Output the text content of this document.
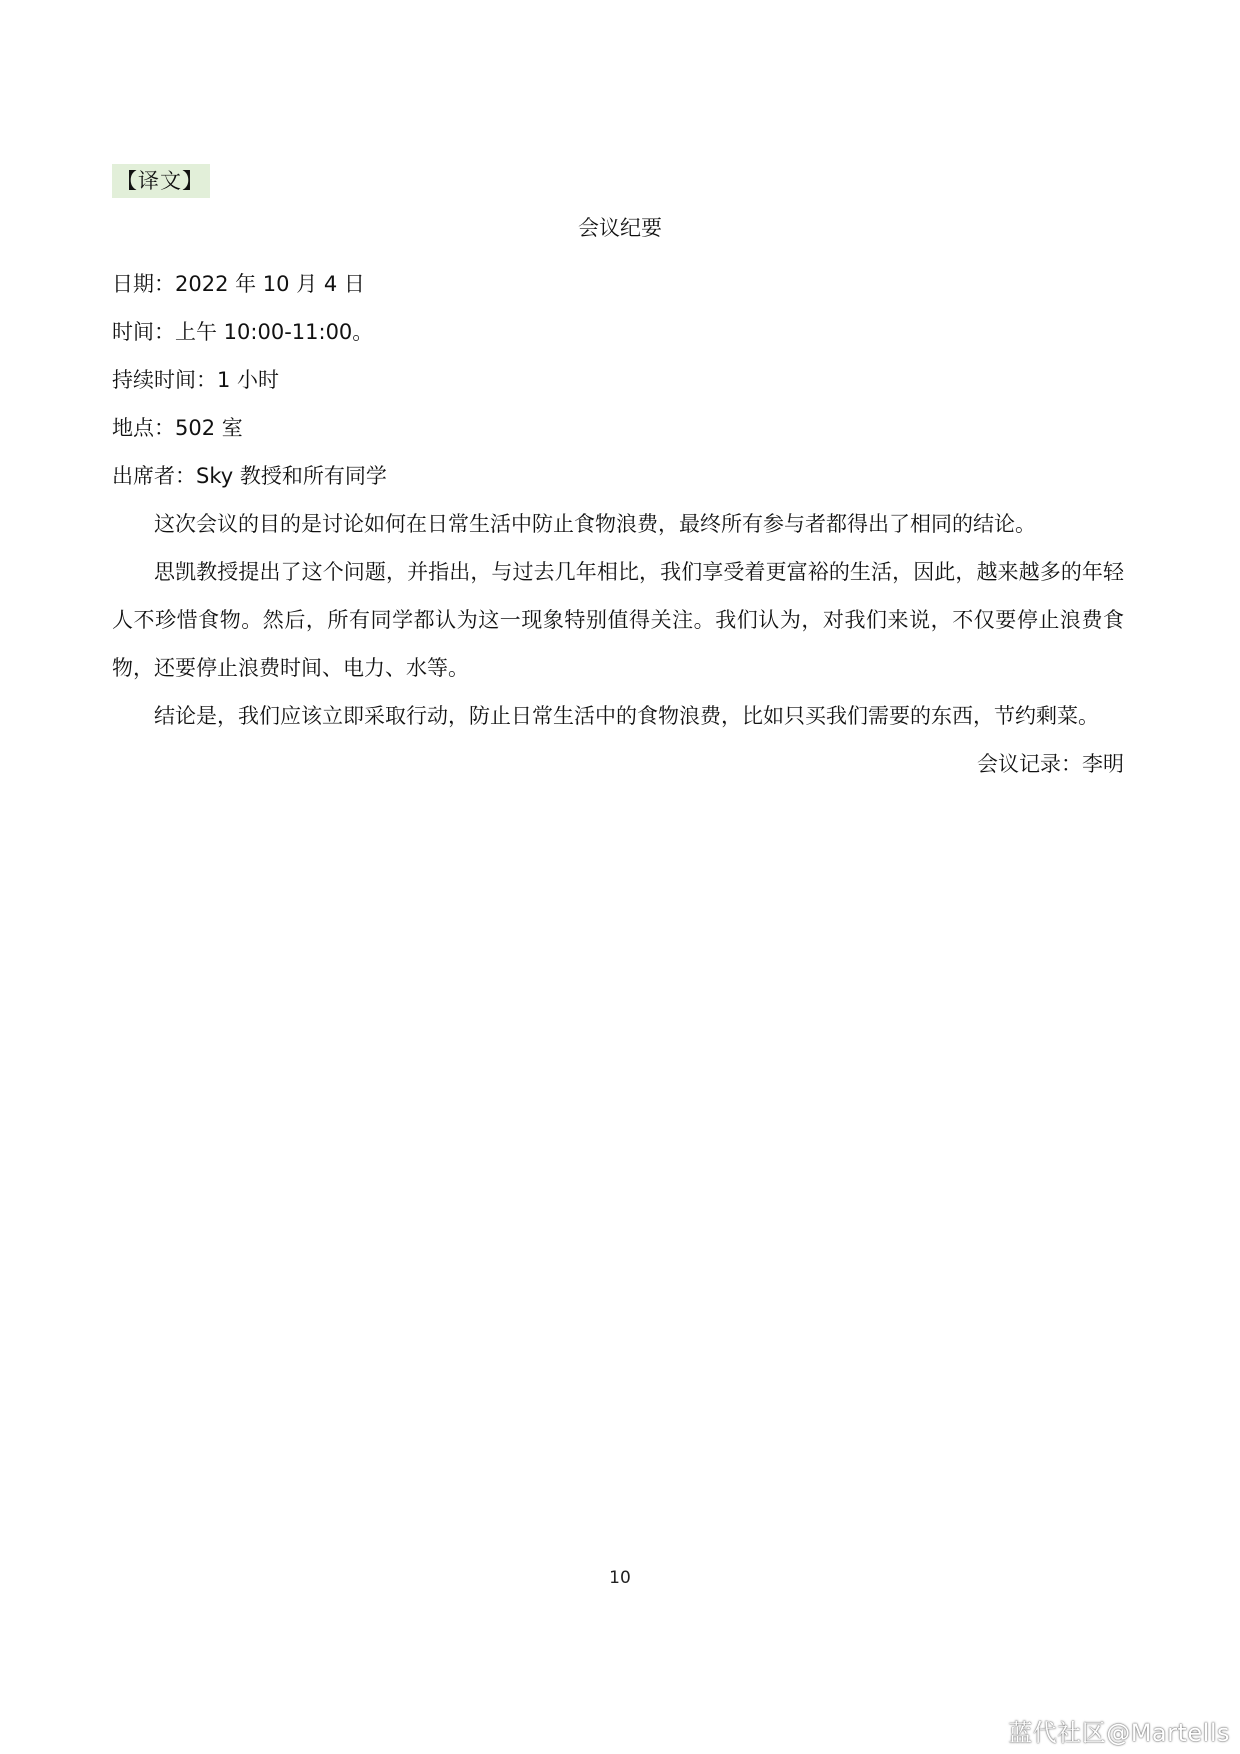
【译文】
会议纪要

日期：2022 年 10 月 4 日

时间：上午 10:00-11:00。

持续时间：1 小时

地点：502 室

出席者：Sky 教授和所有同学

这次会议的目的是讨论如何在日常生活中防止食物浪费，最终所有参与者都得出了相同的结论。

思凯教授提出了这个问题，并指出，与过去几年相比，我们享受着更富裕的生活，因此，越来越多的年轻人不珍惜食物。然后，所有同学都认为这一现象特别值得关注。我们认为，对我们来说，不仅要停止浪费食物，还要停止浪费时间、电力、水等。

结论是，我们应该立即采取行动，防止日常生活中的食物浪费，比如只买我们需要的东西，节约剩菜。

会议记录：李明

10
蓝代社区@Martells
